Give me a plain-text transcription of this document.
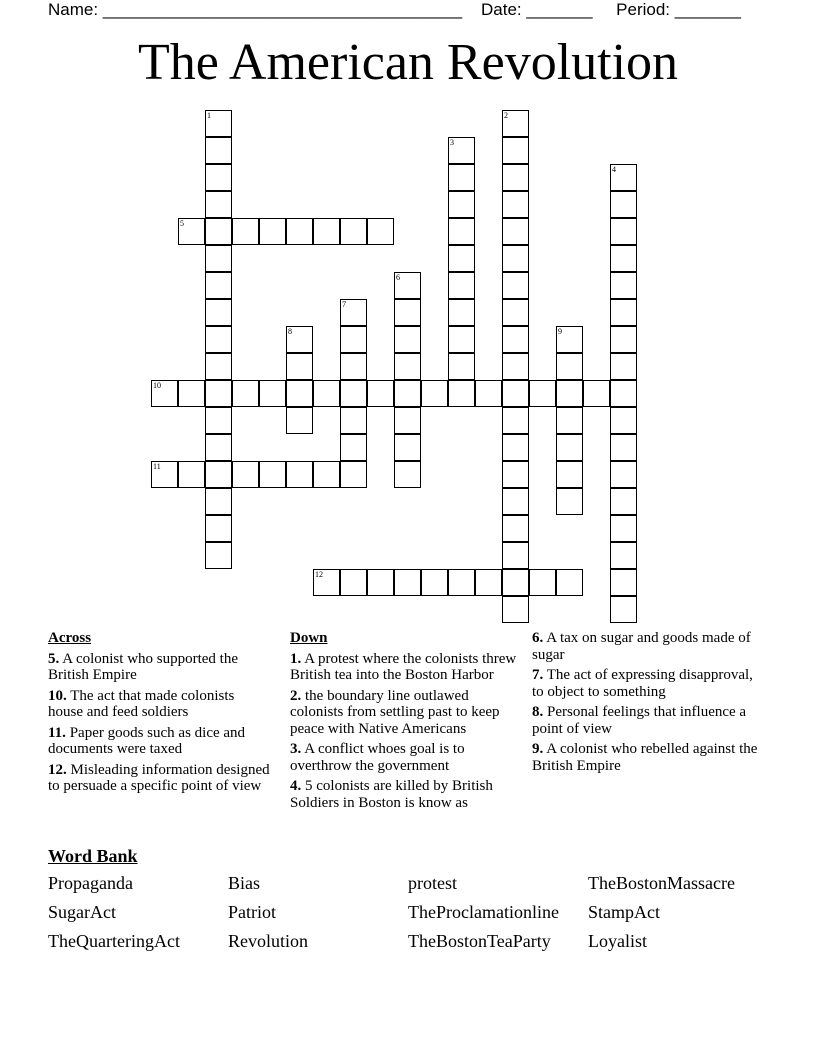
Name: ______________________________________ Date: _______ Period: _______
The American Revolution
1	2
3
4
5
6
7
8	9
10
11
12
Across
5. A colonist who supported the British Empire
10. The act that made colonists house and feed soldiers
11. Paper goods such as dice and documents were taxed
12. Misleading information designed to persuade a specific point of view
Down
1. A protest where the colonists threw British tea into the Boston Harbor
2. the boundary line outlawed colonists from settling past to keep peace with Native Americans
3. A conflict whoes goal is to overthrow the government
4. 5 colonists are killed by British Soldiers in Boston is know as
6. A tax on sugar and goods made of sugar
7. The act of expressing disapproval, to object to something
8. Personal feelings that influence a point of view
9. A colonist who rebelled against the British Empire
Word Bank
Propaganda	Bias	protest	TheBostonMassacre
SugarAct	Patriot	TheProclamationline	StampAct
TheQuarteringAct	Revolution	TheBostonTeaParty	Loyalist
